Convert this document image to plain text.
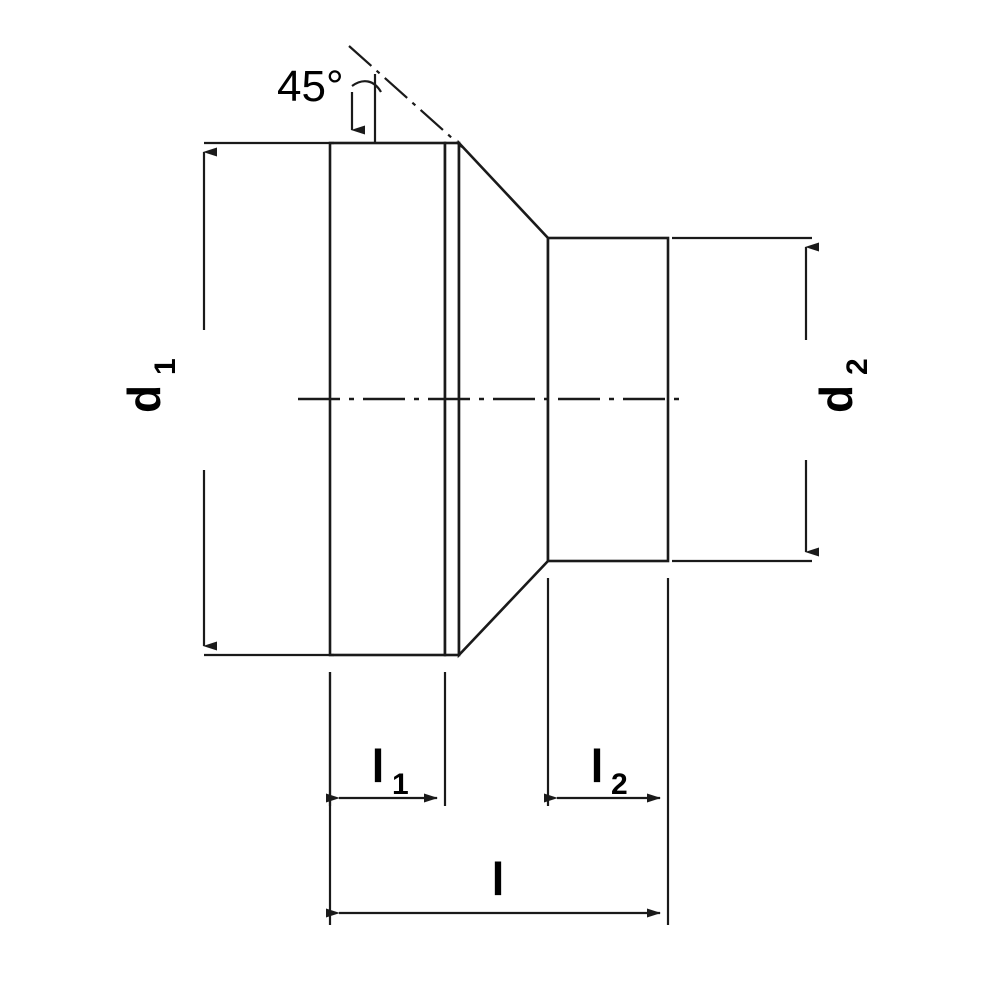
45°
d
1
d
2
l 1	l 2
l
